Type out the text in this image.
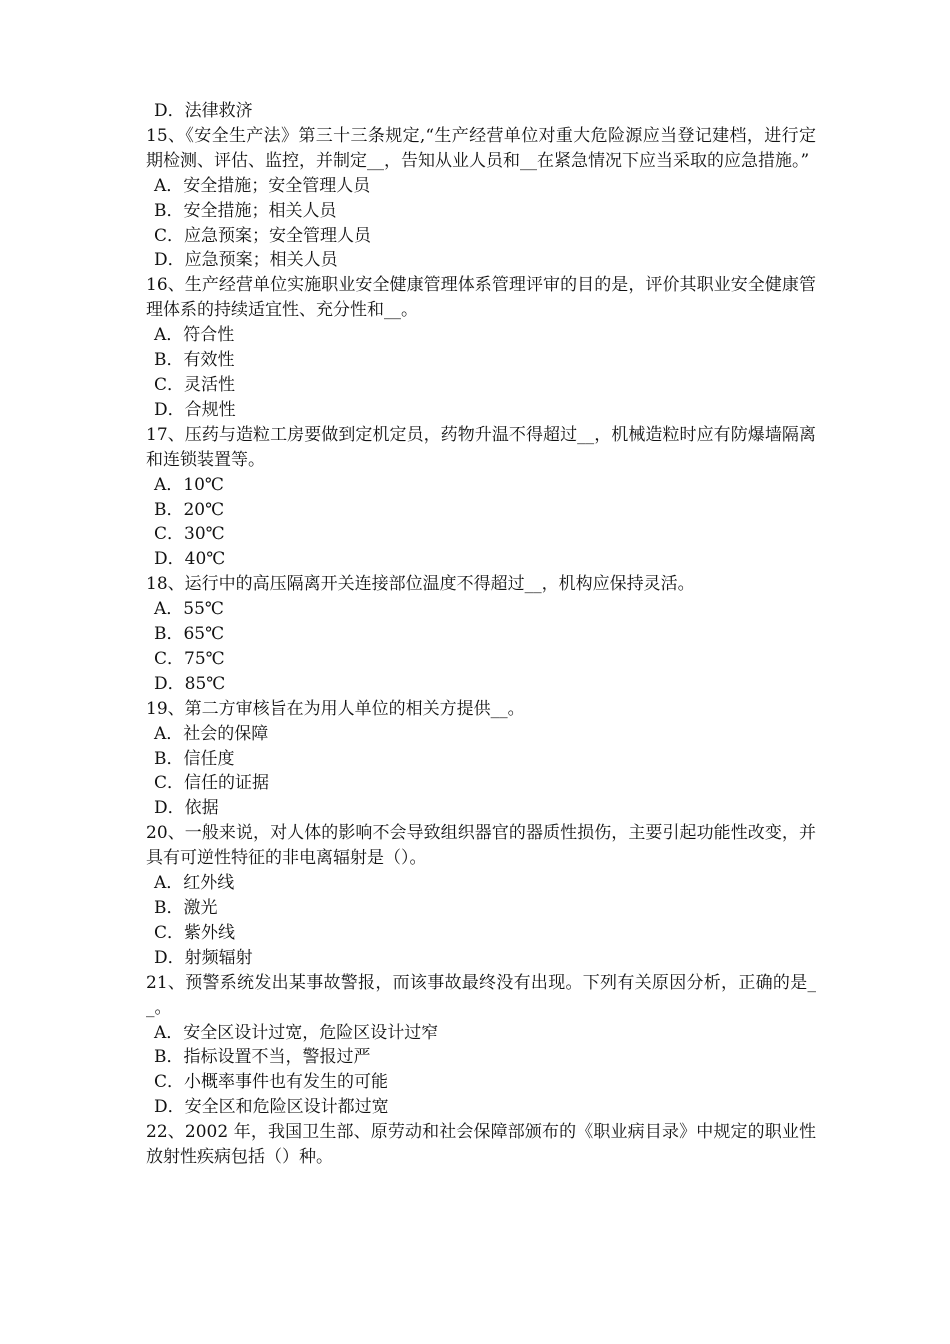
D．法律救济

15、《安全生产法》第三十三条规定,“生产经营单位对重大危险源应当登记建档，进行定期检测、评估、监控，并制定__，告知从业人员和__在紧急情况下应当采取的应急措施。”

A．安全措施；安全管理人员

B．安全措施；相关人员

C．应急预案；安全管理人员

D．应急预案；相关人员

16、生产经营单位实施职业安全健康管理体系管理评审的目的是，评价其职业安全健康管理体系的持续适宜性、充分性和__。

A．符合性

B．有效性

C．灵活性

D．合规性

17、压药与造粒工房要做到定机定员，药物升温不得超过__，机械造粒时应有防爆墙隔离和连锁装置等。

A．10℃

B．20℃

C．30℃

D．40℃

18、运行中的高压隔离开关连接部位温度不得超过__，机构应保持灵活。

A．55℃

B．65℃

C．75℃

D．85℃

19、第二方审核旨在为用人单位的相关方提供__。

A．社会的保障

B．信任度

C．信任的证据

D．依据

20、一般来说，对人体的影响不会导致组织器官的器质性损伤，主要引起功能性改变，并具有可逆性特征的非电离辐射是（）。

A．红外线

B．激光

C．紫外线

D．射频辐射

21、预警系统发出某事故警报，而该事故最终没有出现。下列有关原因分析，正确的是__。

A．安全区设计过宽，危险区设计过窄

B．指标设置不当，警报过严

C．小概率事件也有发生的可能

D．安全区和危险区设计都过宽

22、2002 年，我国卫生部、原劳动和社会保障部颁布的《职业病目录》中规定的职业性放射性疾病包括（）种。
